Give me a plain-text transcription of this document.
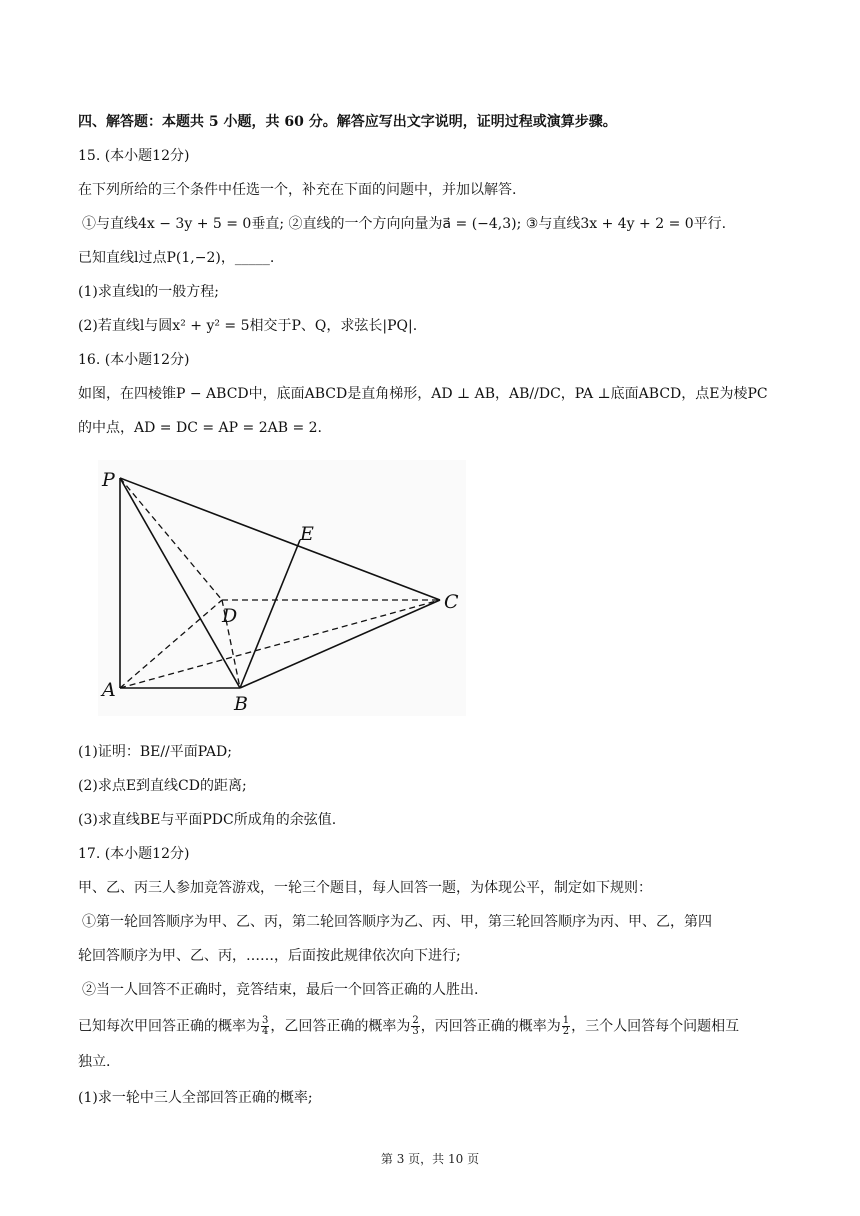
四、解答题：本题共 5 小题，共 60 分。解答应写出文字说明，证明过程或演算步骤。
15. (本小题12分)
在下列所给的三个条件中任选一个，补充在下面的问题中，并加以解答.
①与直线4x − 3y + 5 = 0垂直; ②直线的一个方向向量为a⃗ = (−4,3); ③与直线3x + 4y + 2 = 0平行.
已知直线l过点P(1,−2)，_____.
(1)求直线l的一般方程;
(2)若直线l与圆x² + y² = 5相交于P、Q，求弦长|PQ|.
16. (本小题12分)
如图，在四棱锥P − ABCD中，底面ABCD是直角梯形，AD ⊥ AB，AB//DC，PA ⊥底面ABCD，点E为棱PC
的中点，AD = DC = AP = 2AB = 2.
P
E
D
C
A
B
(1)证明：BE//平面PAD;
(2)求点E到直线CD的距离;
(3)求直线BE与平面PDC所成角的余弦值.
17. (本小题12分)
甲、乙、丙三人参加竞答游戏，一轮三个题目，每人回答一题，为体现公平，制定如下规则：
①第一轮回答顺序为甲、乙、丙，第二轮回答顺序为乙、丙、甲，第三轮回答顺序为丙、甲、乙，第四
轮回答顺序为甲、乙、丙，……，后面按此规律依次向下进行;
②当一人回答不正确时，竞答结束，最后一个回答正确的人胜出.
已知每次甲回答正确的概率为 $\frac{3}{4}$ ，乙回答正确的概率为 $\frac{2}{3}$ ，丙回答正确的概率为 $\frac{1}{2}$ ，三个人回答每个问题相互
独立.
(1)求一轮中三人全部回答正确的概率;
第 3 页，共 10 页
